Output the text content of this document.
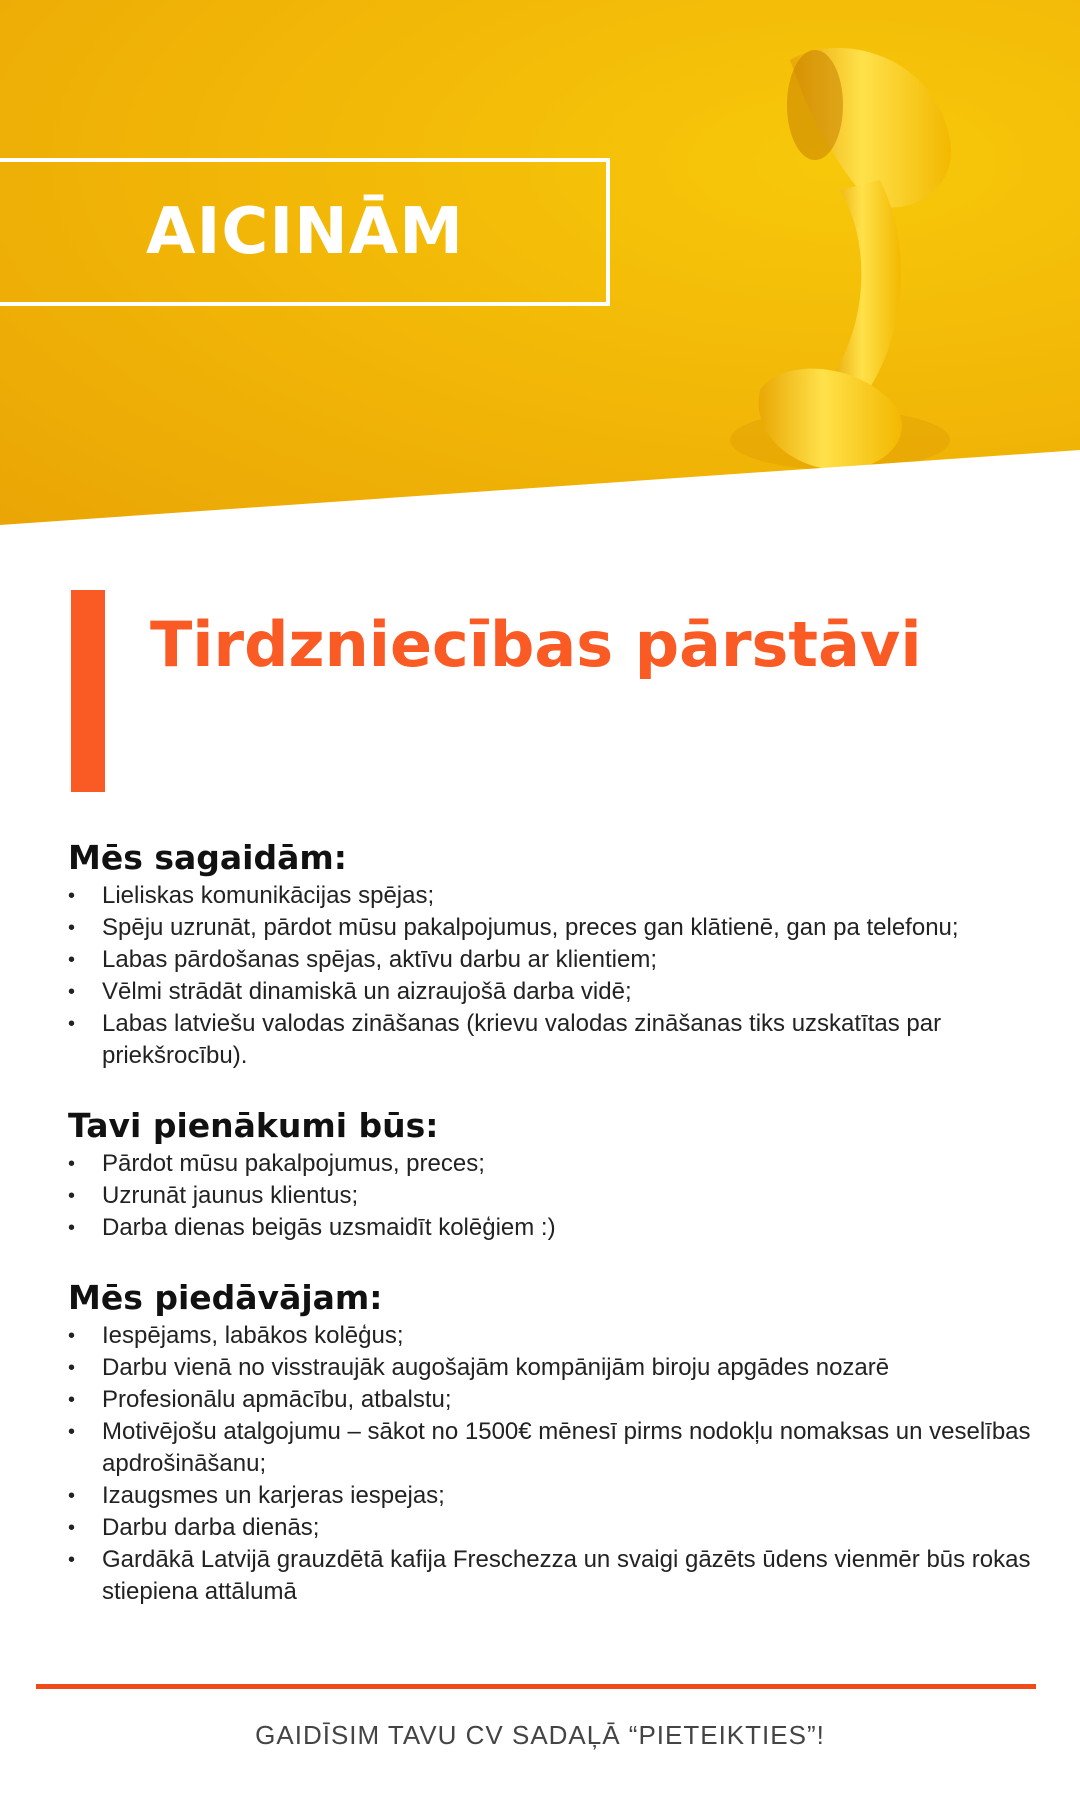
AICINĀM
Tirdzniecības pārstāvi
Mēs sagaidām:
• Lieliskas komunikācijas spējas;
• Spēju uzrunāt, pārdot mūsu pakalpojumus, preces gan klātienē, gan pa telefonu;
• Labas pārdošanas spējas, aktīvu darbu ar klientiem;
• Vēlmi strādāt dinamiskā un aizraujošā darba vidē;
• Labas latviešu valodas zināšanas (krievu valodas zināšanas tiks uzskatītas par priekšrocību).
Tavi pienākumi būs:
• Pārdot mūsu pakalpojumus, preces;
• Uzrunāt jaunus klientus;
• Darba dienas beigās uzsmaidīt kolēģiem :)
Mēs piedāvājam:
• Iespējams, labākos kolēģus;
• Darbu vienā no visstraujāk augošajām kompānijām biroju apgādes nozarē
• Profesionālu apmācību, atbalstu;
• Motivējošu atalgojumu – sākot no 1500€ mēnesī pirms nodokļu nomaksas un veselības apdrošināšanu;
• Izaugsmes un karjeras iespejas;
• Darbu darba dienās;
• Gardākā Latvijā grauzdētā kafija Freschezza un svaigi gāzēts ūdens vienmēr būs rokas stiepiena attālumā
GAIDĪSIM TAVU CV SADAĻĀ “PIETEIKTIES”!
